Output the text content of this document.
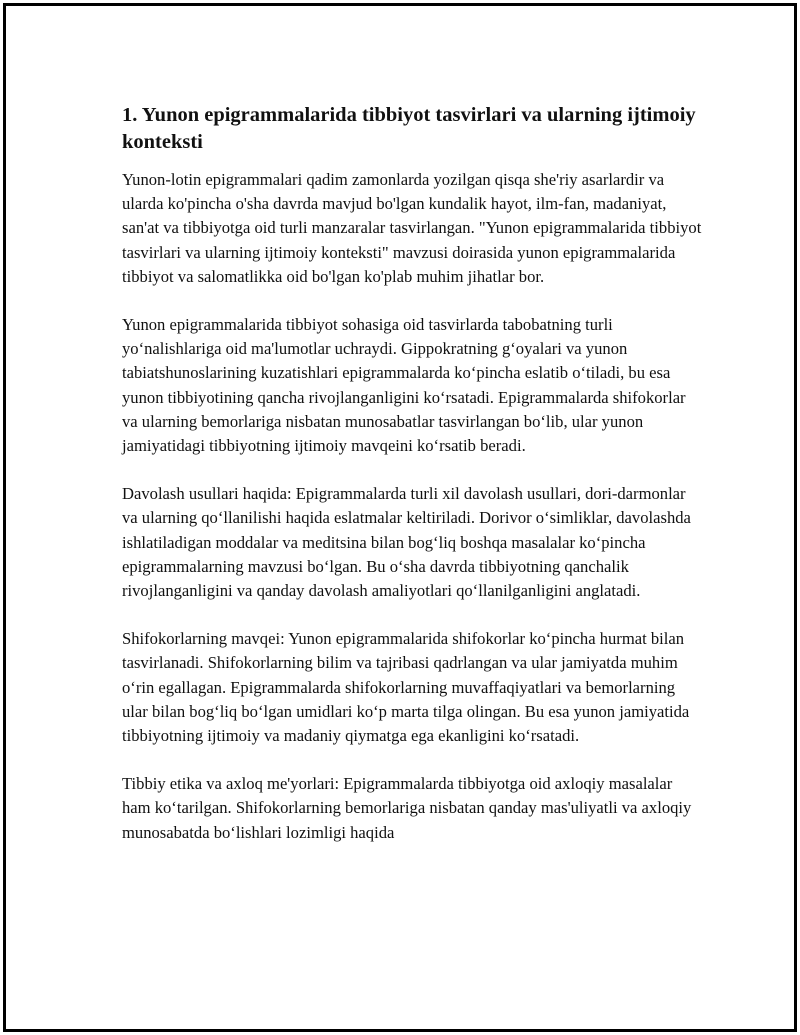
1. Yunon epigrammalarida tibbiyot tasvirlari va ularning ijtimoiy konteksti

Yunon-lotin epigrammalari qadim zamonlarda yozilgan qisqa she'riy asarlardir va ularda ko'pincha o'sha davrda mavjud bo'lgan kundalik hayot, ilm-fan, madaniyat, san'at va tibbiyotga oid turli manzaralar tasvirlangan. "Yunon epigrammalarida tibbiyot tasvirlari va ularning ijtimoiy konteksti" mavzusi doirasida yunon epigrammalarida tibbiyot va salomatlikka oid bo'lgan ko'plab muhim jihatlar bor.

Yunon epigrammalarida tibbiyot sohasiga oid tasvirlarda tabobatning turli yo‘nalishlariga oid ma'lumotlar uchraydi. Gippokratning g‘oyalari va yunon tabiatshunoslarining kuzatishlari epigrammalarda ko‘pincha eslatib o‘tiladi, bu esa yunon tibbiyotining qancha rivojlanganligini ko‘rsatadi. Epigrammalarda shifokorlar va ularning bemorlariga nisbatan munosabatlar tasvirlangan bo‘lib, ular yunon jamiyatidagi tibbiyotning ijtimoiy mavqeini ko‘rsatib beradi.

Davolash usullari haqida: Epigrammalarda turli xil davolash usullari, dori-darmonlar va ularning qo‘llanilishi haqida eslatmalar keltiriladi. Dorivor o‘simliklar, davolashda ishlatiladigan moddalar va meditsina bilan bog‘liq boshqa masalalar ko‘pincha epigrammalarning mavzusi bo‘lgan. Bu o‘sha davrda tibbiyotning qanchalik rivojlanganligini va qanday davolash amaliyotlari qo‘llanilganligini anglatadi.

Shifokorlarning mavqei: Yunon epigrammalarida shifokorlar ko‘pincha hurmat bilan tasvirlanadi. Shifokorlarning bilim va tajribasi qadrlangan va ular jamiyatda muhim o‘rin egallagan. Epigrammalarda shifokorlarning muvaffaqiyatlari va bemorlarning ular bilan bog‘liq bo‘lgan umidlari ko‘p marta tilga olingan. Bu esa yunon jamiyatida tibbiyotning ijtimoiy va madaniy qiymatga ega ekanligini ko‘rsatadi.

Tibbiy etika va axloq me'yorlari: Epigrammalarda tibbiyotga oid axloqiy masalalar ham ko‘tarilgan. Shifokorlarning bemorlariga nisbatan qanday mas'uliyatli va axloqiy munosabatda bo‘lishlari lozimligi haqida
